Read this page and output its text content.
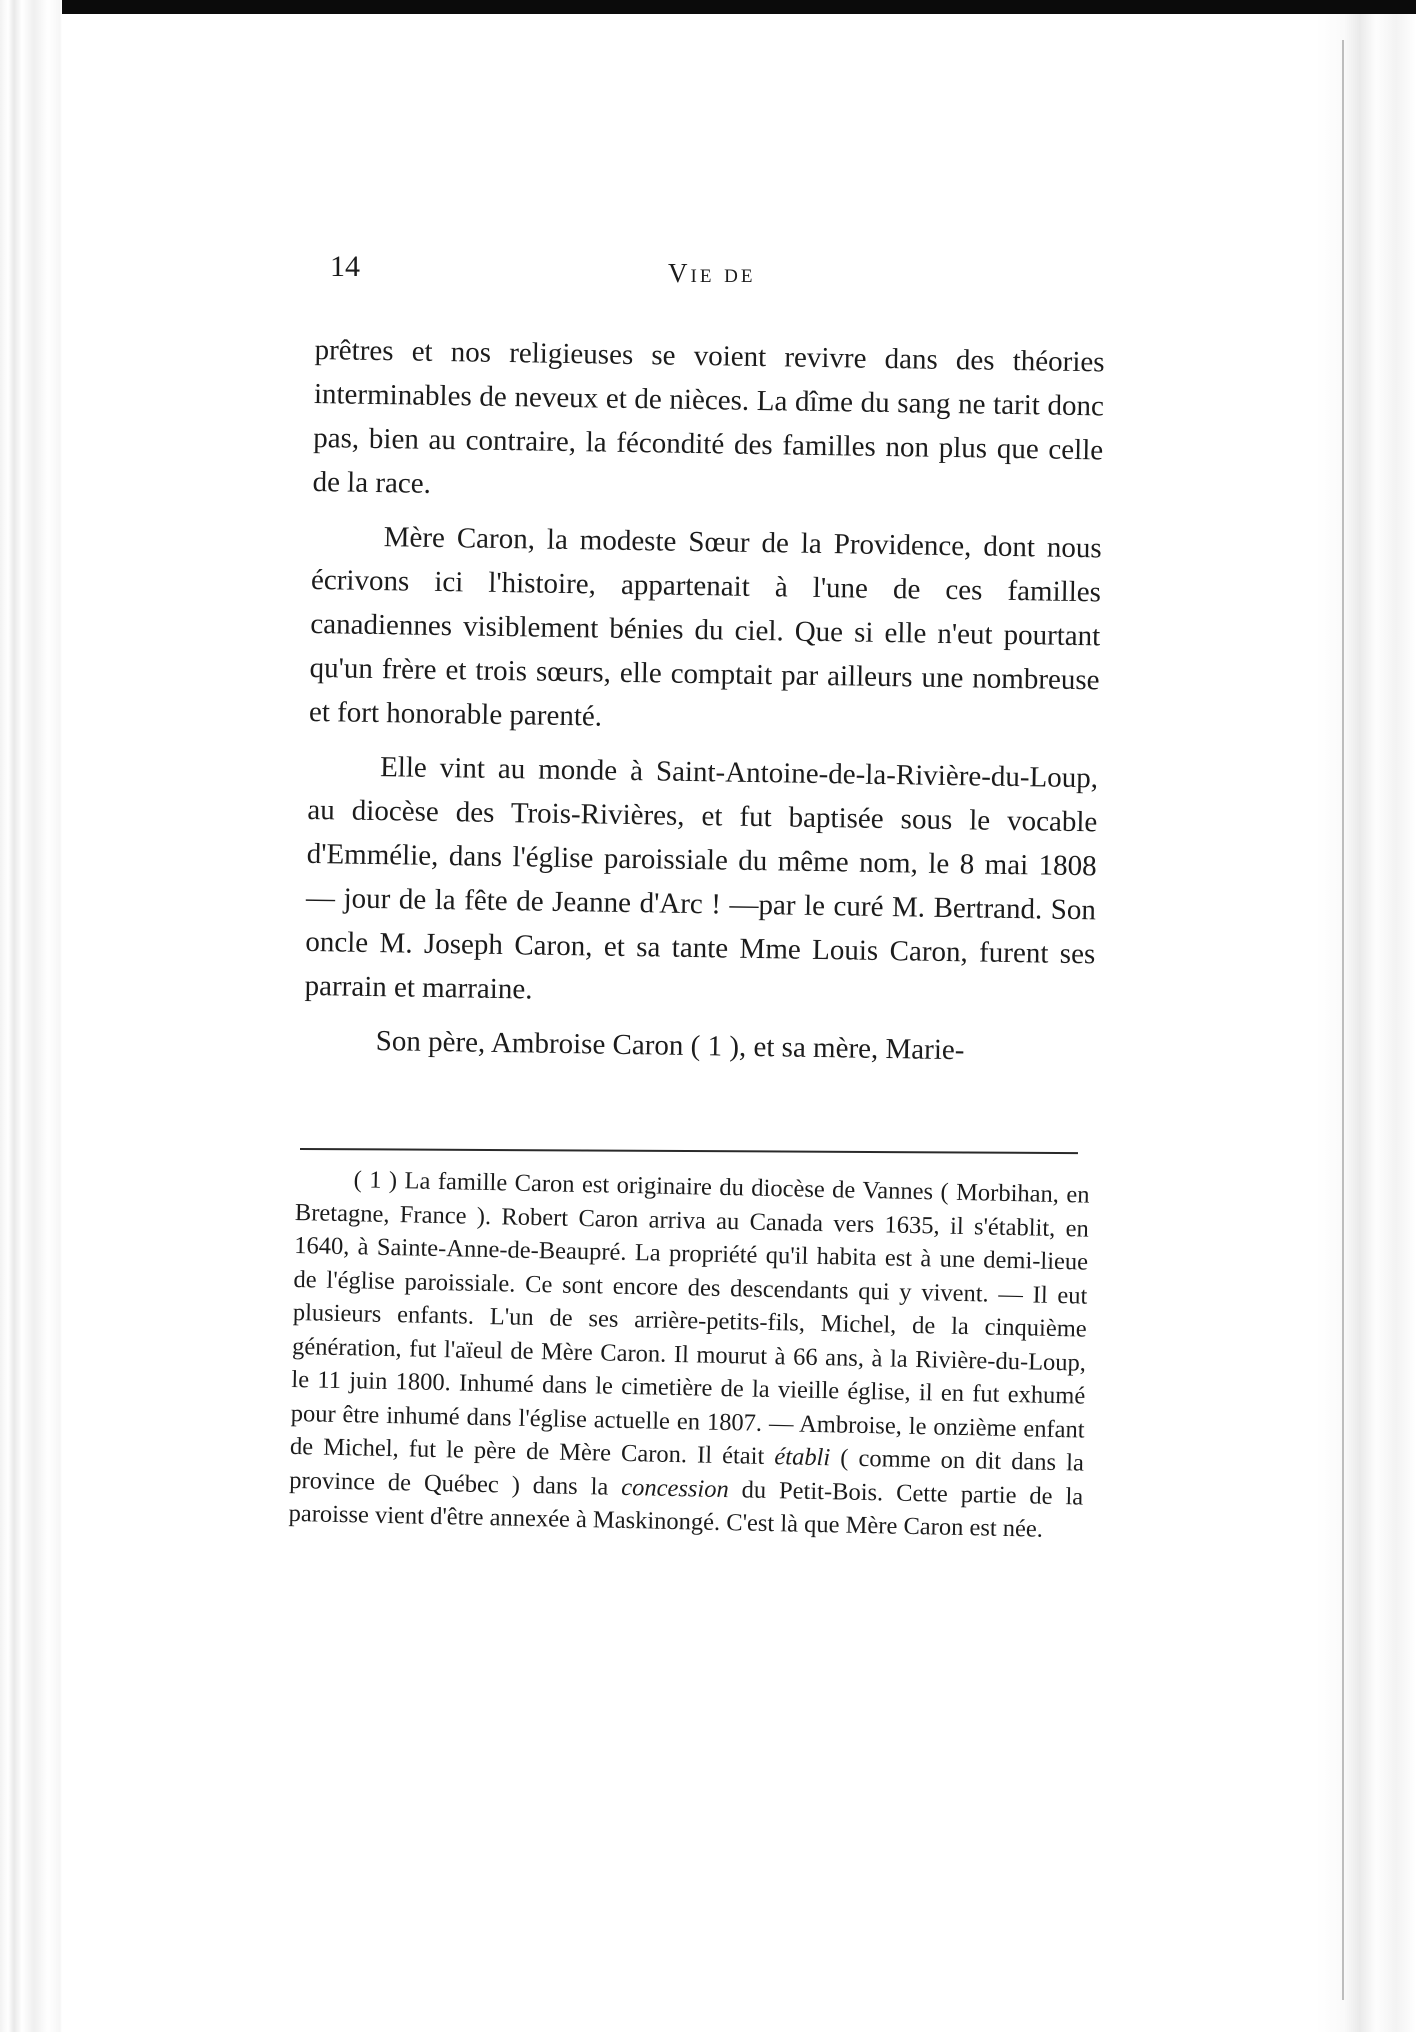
14	Vie de

prêtres et nos religieuses se voient revivre dans des théories interminables de neveux et de nièces. La dîme du sang ne tarit donc pas, bien au contraire, la fécondité des familles non plus que celle de la race.

Mère Caron, la modeste Sœur de la Providence, dont nous écrivons ici l'histoire, appartenait à l'une de ces familles canadiennes visiblement bénies du ciel. Que si elle n'eut pourtant qu'un frère et trois sœurs, elle comptait par ailleurs une nombreuse et fort honorable parenté.

Elle vint au monde à Saint-Antoine-de-la-Rivière-du-Loup, au diocèse des Trois-Rivières, et fut baptisée sous le vocable d'Emmélie, dans l'église paroissiale du même nom, le 8 mai 1808 — jour de la fête de Jeanne d'Arc ! —par le curé M. Bertrand. Son oncle M. Joseph Caron, et sa tante Mme Louis Caron, furent ses parrain et marraine.

Son père, Ambroise Caron ( 1 ), et sa mère, Marie-

( 1 ) La famille Caron est originaire du diocèse de Vannes ( Morbihan, en Bretagne, France ). Robert Caron arriva au Canada vers 1635, il s'établit, en 1640, à Sainte-Anne-de-Beaupré. La propriété qu'il habita est à une demi-lieue de l'église paroissiale. Ce sont encore des descendants qui y vivent. — Il eut plusieurs enfants. L'un de ses arrière-petits-fils, Michel, de la cinquième génération, fut l'aïeul de Mère Caron. Il mourut à 66 ans, à la Rivière-du-Loup, le 11 juin 1800. Inhumé dans le cimetière de la vieille église, il en fut exhumé pour être inhumé dans l'église actuelle en 1807. — Ambroise, le onzième enfant de Michel, fut le père de Mère Caron. Il était établi ( comme on dit dans la province de Québec ) dans la concession du Petit-Bois. Cette partie de la paroisse vient d'être annexée à Maskinongé. C'est là que Mère Caron est née.
